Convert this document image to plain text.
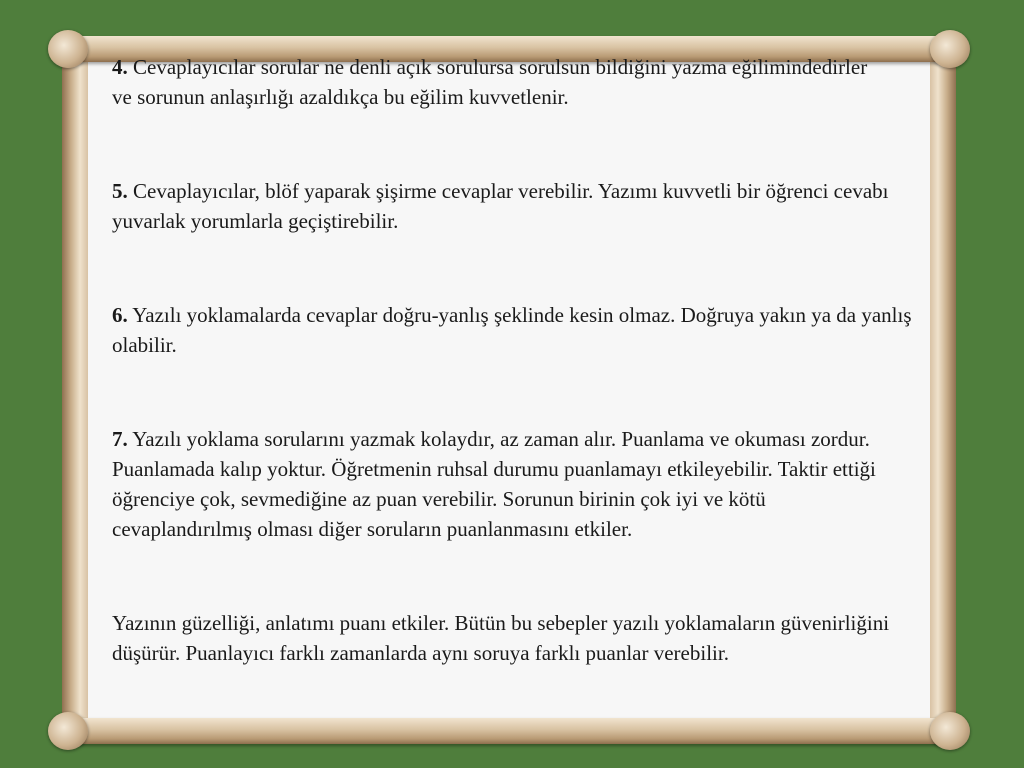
4. Cevaplayıcılar sorular ne denli açık sorulursa sorulsun bildiğini yazma eğilimindedirler ve sorunun anlaşırlığı azaldıkça bu eğilim kuvvetlenir.

5. Cevaplayıcılar, blöf yaparak şişirme cevaplar verebilir. Yazımı kuvvetli bir öğrenci cevabı yuvarlak yorumlarla geçiştirebilir.

6. Yazılı yoklamalarda cevaplar doğru-yanlış şeklinde kesin olmaz. Doğruya yakın ya da yanlış olabilir.

7. Yazılı yoklama sorularını yazmak kolaydır, az zaman alır. Puanlama ve okuması zordur. Puanlamada kalıp yoktur. Öğretmenin ruhsal durumu puanlamayı etkileyebilir. Taktir ettiği öğrenciye çok, sevmediğine az puan verebilir. Sorunun birinin çok iyi ve kötü cevaplandırılmış olması diğer soruların puanlanmasını etkiler.

Yazının güzelliği, anlatımı puanı etkiler. Bütün bu sebepler yazılı yoklamaların güvenirliğini düşürür. Puanlayıcı farklı zamanlarda aynı soruya farklı puanlar verebilir.
